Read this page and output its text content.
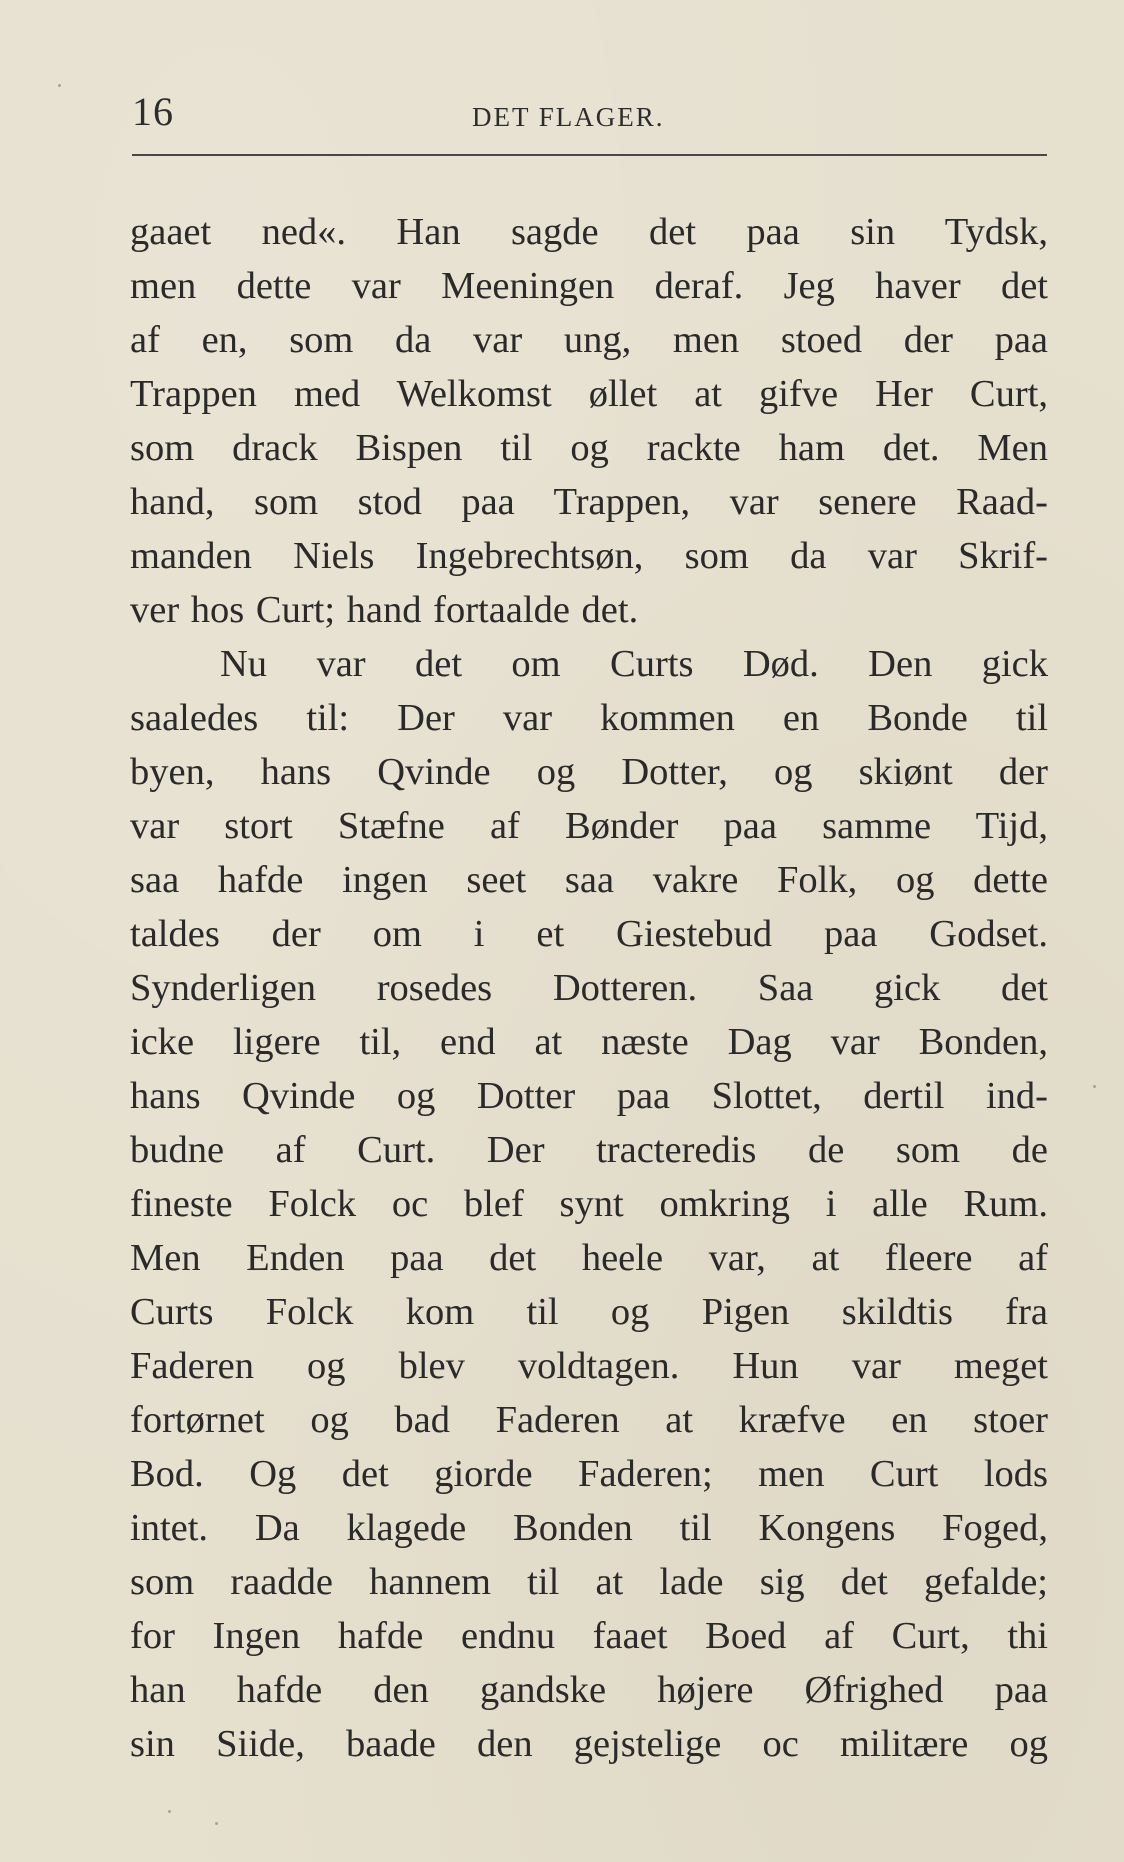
16	DET FLAGER.
gaaet ned«. Han sagde det paa sin Tydsk,
men dette var Meeningen deraf. Jeg haver det
af en, som da var ung, men stoed der paa
Trappen med Welkomst øllet at gifve Her Curt,
som drack Bispen til og rackte ham det. Men
hand, som stod paa Trappen, var senere Raad-
manden Niels Ingebrechtsøn, som da var Skrif-
ver hos Curt; hand fortaalde det.
Nu var det om Curts Død. Den gick
saaledes til: Der var kommen en Bonde til
byen, hans Qvinde og Dotter, og skiønt der
var stort Stæfne af Bønder paa samme Tijd,
saa hafde ingen seet saa vakre Folk, og dette
taldes der om i et Giestebud paa Godset.
Synderligen rosedes Dotteren. Saa gick det
icke ligere til, end at næste Dag var Bonden,
hans Qvinde og Dotter paa Slottet, dertil ind-
budne af Curt. Der tracteredis de som de
fineste Folck oc blef synt omkring i alle Rum.
Men Enden paa det heele var, at fleere af
Curts Folck kom til og Pigen skildtis fra
Faderen og blev voldtagen. Hun var meget
fortørnet og bad Faderen at kræfve en stoer
Bod. Og det giorde Faderen; men Curt lods
intet. Da klagede Bonden til Kongens Foged,
som raadde hannem til at lade sig det gefalde;
for Ingen hafde endnu faaet Boed af Curt, thi
han hafde den gandske højere Øfrighed paa
sin Siide, baade den gejstelige oc militære og
